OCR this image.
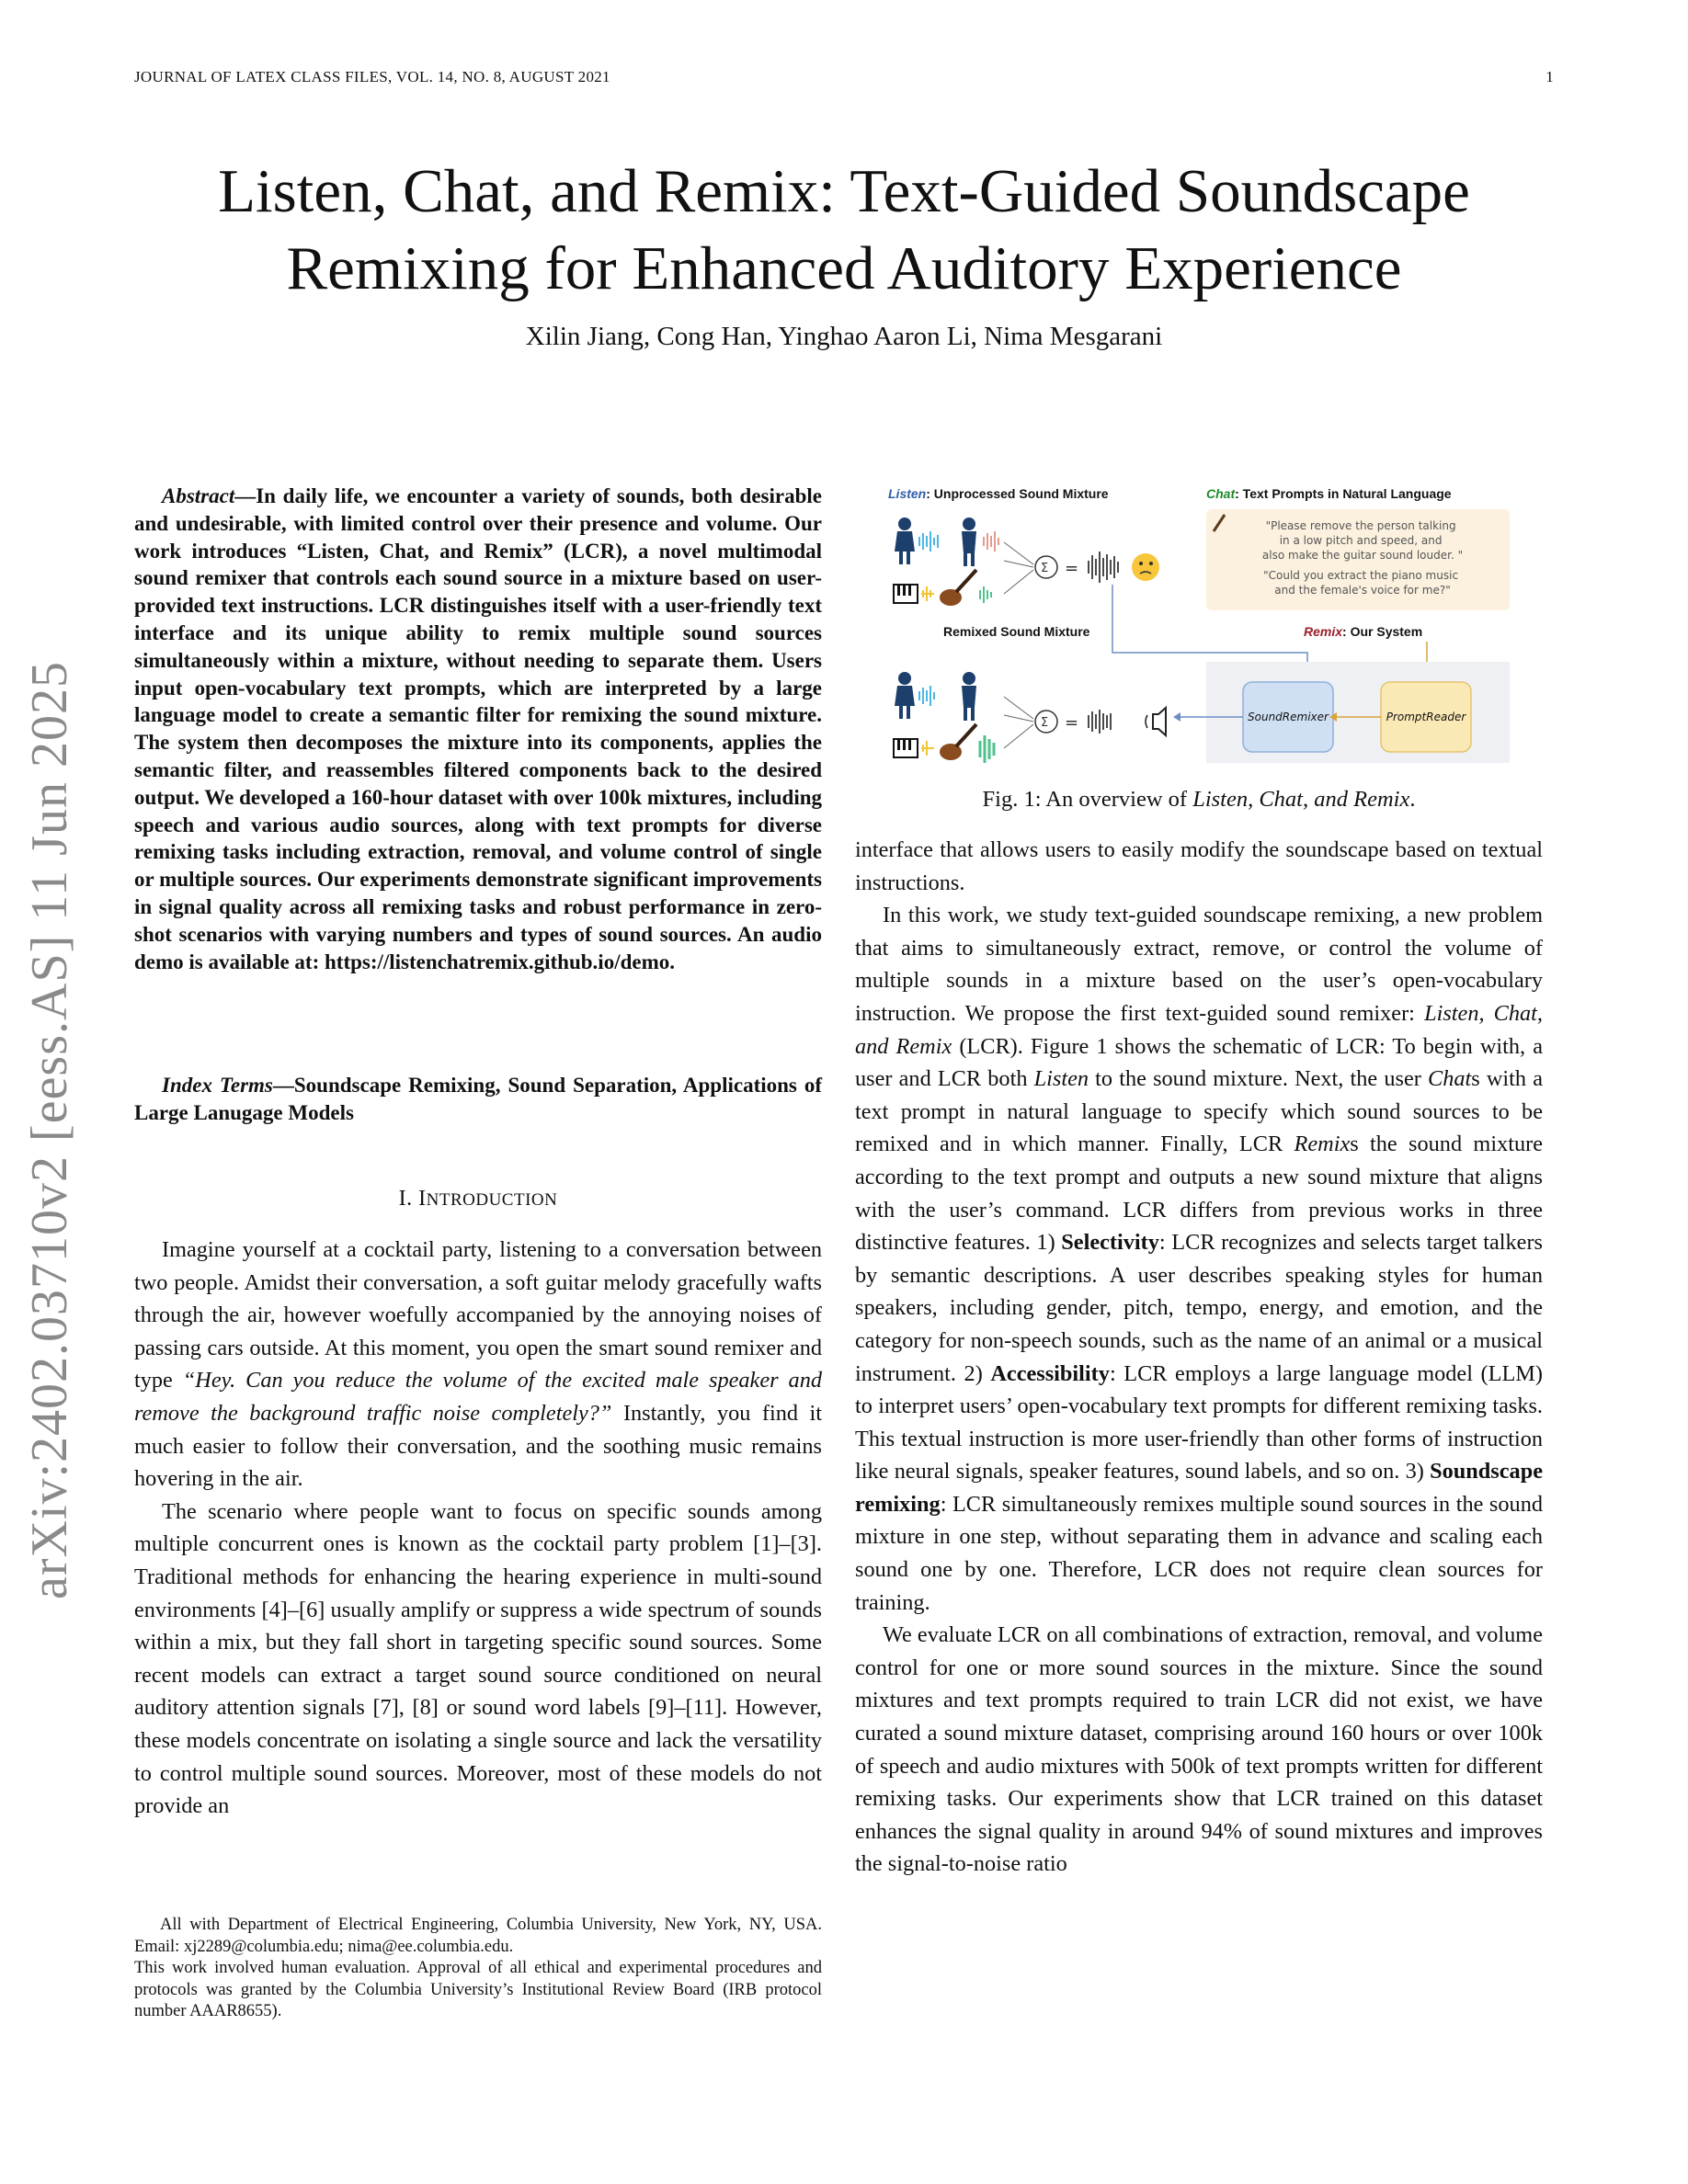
JOURNAL OF LATEX CLASS FILES, VOL. 14, NO. 8, AUGUST 2021	1
arXiv:2402.03710v2 [eess.AS] 11 Jun 2025
Listen, Chat, and Remix: Text-Guided Soundscape
Remixing for Enhanced Auditory Experience
Xilin Jiang, Cong Han, Yinghao Aaron Li, Nima Mesgarani
Abstract—In daily life, we encounter a variety of sounds, both desirable and undesirable, with limited control over their presence and volume. Our work introduces “Listen, Chat, and Remix” (LCR), a novel multimodal sound remixer that controls each sound source in a mixture based on user-provided text instructions. LCR distinguishes itself with a user-friendly text interface and its unique ability to remix multiple sound sources simultaneously within a mixture, without needing to separate them. Users input open-vocabulary text prompts, which are interpreted by a large language model to create a semantic filter for remixing the sound mixture. The system then decomposes the mixture into its components, applies the semantic filter, and reassembles filtered components back to the desired output. We developed a 160-hour dataset with over 100k mixtures, including speech and various audio sources, along with text prompts for diverse remixing tasks including extraction, removal, and volume control of single or multiple sources. Our experiments demonstrate significant improvements in signal quality across all remixing tasks and robust performance in zero-shot scenarios with varying numbers and types of sound sources. An audio demo is available at: https://listenchatremix.github.io/demo.
Index Terms—Soundscape Remixing, Sound Separation, Applications of Large Lanugage Models
I. INTRODUCTION

Imagine yourself at a cocktail party, listening to a conversation between two people. Amidst their conversation, a soft guitar melody gracefully wafts through the air, however woefully accompanied by the annoying noises of passing cars outside. At this moment, you open the smart sound remixer and type “Hey. Can you reduce the volume of the excited male speaker and remove the background traffic noise completely?” Instantly, you find it much easier to follow their conversation, and the soothing music remains hovering in the air.

The scenario where people want to focus on specific sounds among multiple concurrent ones is known as the cocktail party problem [1]–[3]. Traditional methods for enhancing the hearing experience in multi-sound environments [4]–[6] usually amplify or suppress a wide spectrum of sounds within a mix, but they fall short in targeting specific sound sources. Some recent models can extract a target sound source conditioned on neural auditory attention signals [7], [8] or sound word labels [9]–[11]. However, these models concentrate on isolating a single source and lack the versatility to control multiple sound sources. Moreover, most of these models do not provide an

All with Department of Electrical Engineering, Columbia University, New York, NY, USA. Email: xj2289@columbia.edu; nima@ee.columbia.edu.

This work involved human evaluation. Approval of all ethical and experimental procedures and protocols was granted by the Columbia University’s Institutional Review Board (IRB protocol number AAAR8655).

Listen: Unprocessed Sound Mixture	Chat: Text Prompts in Natural Language
Σ =
"Please remove the person talking in a low pitch and speed, and also make the guitar sound louder. "
"Could you extract the piano music and the female's voice for me?"
Remixed Sound Mixture	Remix: Our System
SoundRemixer	PromptReader
Σ =
Fig. 1: An overview of Listen, Chat, and Remix.

interface that allows users to easily modify the soundscape based on textual instructions.

In this work, we study text-guided soundscape remixing, a new problem that aims to simultaneously extract, remove, or control the volume of multiple sounds in a mixture based on the user’s open-vocabulary instruction. We propose the first text-guided sound remixer: Listen, Chat, and Remix (LCR). Figure 1 shows the schematic of LCR: To begin with, a user and LCR both Listen to the sound mixture. Next, the user Chats with a text prompt in natural language to specify which sound sources to be remixed and in which manner. Finally, LCR Remixs the sound mixture according to the text prompt and outputs a new sound mixture that aligns with the user’s command. LCR differs from previous works in three distinctive features. 1) Selectivity: LCR recognizes and selects target talkers by semantic descriptions. A user describes speaking styles for human speakers, including gender, pitch, tempo, energy, and emotion, and the category for non-speech sounds, such as the name of an animal or a musical instrument. 2) Accessibility: LCR employs a large language model (LLM) to interpret users’ open-vocabulary text prompts for different remixing tasks. This textual instruction is more user-friendly than other forms of instruction like neural signals, speaker features, sound labels, and so on. 3) Soundscape remixing: LCR simultaneously remixes multiple sound sources in the sound mixture in one step, without separating them in advance and scaling each sound one by one. Therefore, LCR does not require clean sources for training.

We evaluate LCR on all combinations of extraction, removal, and volume control for one or more sound sources in the mixture. Since the sound mixtures and text prompts required to train LCR did not exist, we have curated a sound mixture dataset, comprising around 160 hours or over 100k of speech and audio mixtures with 500k of text prompts written for different remixing tasks. Our experiments show that LCR trained on this dataset enhances the signal quality in around 94% of sound mixtures and improves the signal-to-noise ratio
